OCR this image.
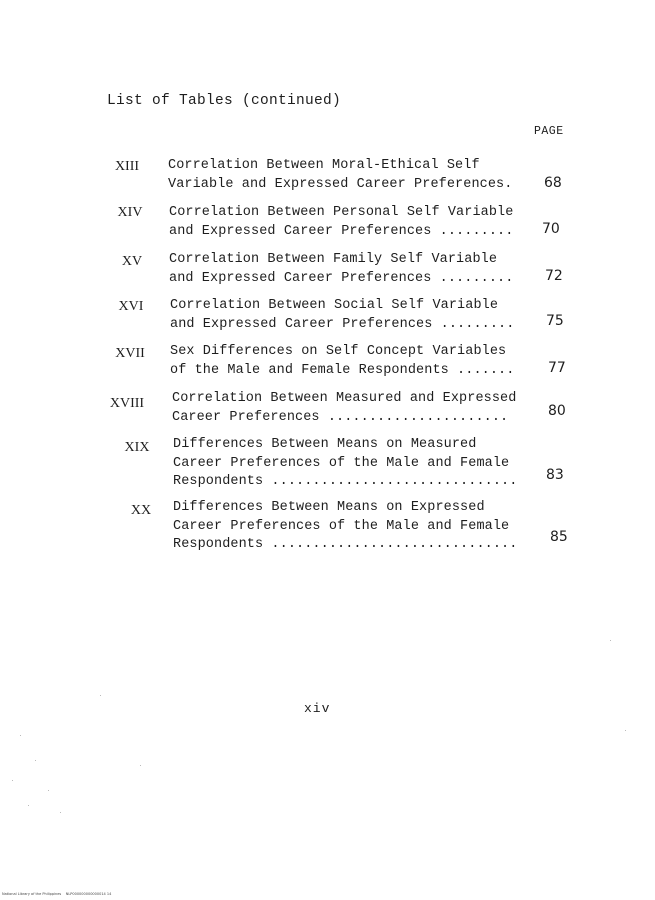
List of Tables (continued)
PAGE
XIII	Correlation Between Moral-Ethical Self
Variable and Expressed Career Preferences. 68
XIV	Correlation Between Personal Self Variable
and Expressed Career Preferences ......... 70
XV	Correlation Between Family Self Variable
and Expressed Career Preferences ......... 72
XVI	Correlation Between Social Self Variable
and Expressed Career Preferences ......... 75
XVII	Sex Differences on Self Concept Variables
of the Male and Female Respondents ....... 77
XVIII	Correlation Between Measured and Expressed
Career Preferences ......................	80
XIX	Differences Between Means on Measured
Career Preferences of the Male and Female
Respondents .............................. 83
XX	Differences Between Means on Expressed
Career Preferences of the Male and Female
Respondents .............................. 85
xiv
National Library of the Philippines    NLP000000000000014 14
